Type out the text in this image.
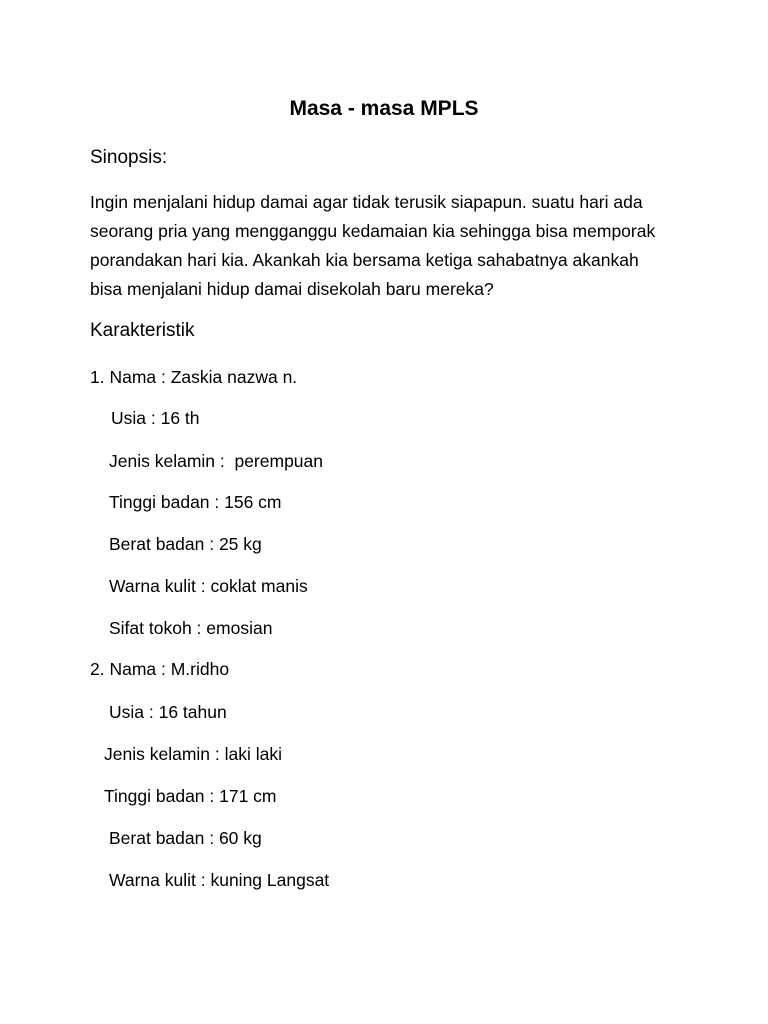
Masa - masa MPLS
Sinopsis:
Ingin menjalani hidup damai agar tidak terusik siapapun. suatu hari ada
seorang pria yang mengganggu kedamaian kia sehingga bisa memporak
porandakan hari kia. Akankah kia bersama ketiga sahabatnya akankah
bisa menjalani hidup damai disekolah baru mereka?
Karakteristik
1. Nama : Zaskia nazwa n.
Usia : 16 th
Jenis kelamin :  perempuan
Tinggi badan : 156 cm
Berat badan : 25 kg
Warna kulit : coklat manis
Sifat tokoh : emosian
2. Nama : M.ridho
Usia : 16 tahun
Jenis kelamin : laki laki
Tinggi badan : 171 cm
Berat badan : 60 kg
Warna kulit : kuning Langsat
